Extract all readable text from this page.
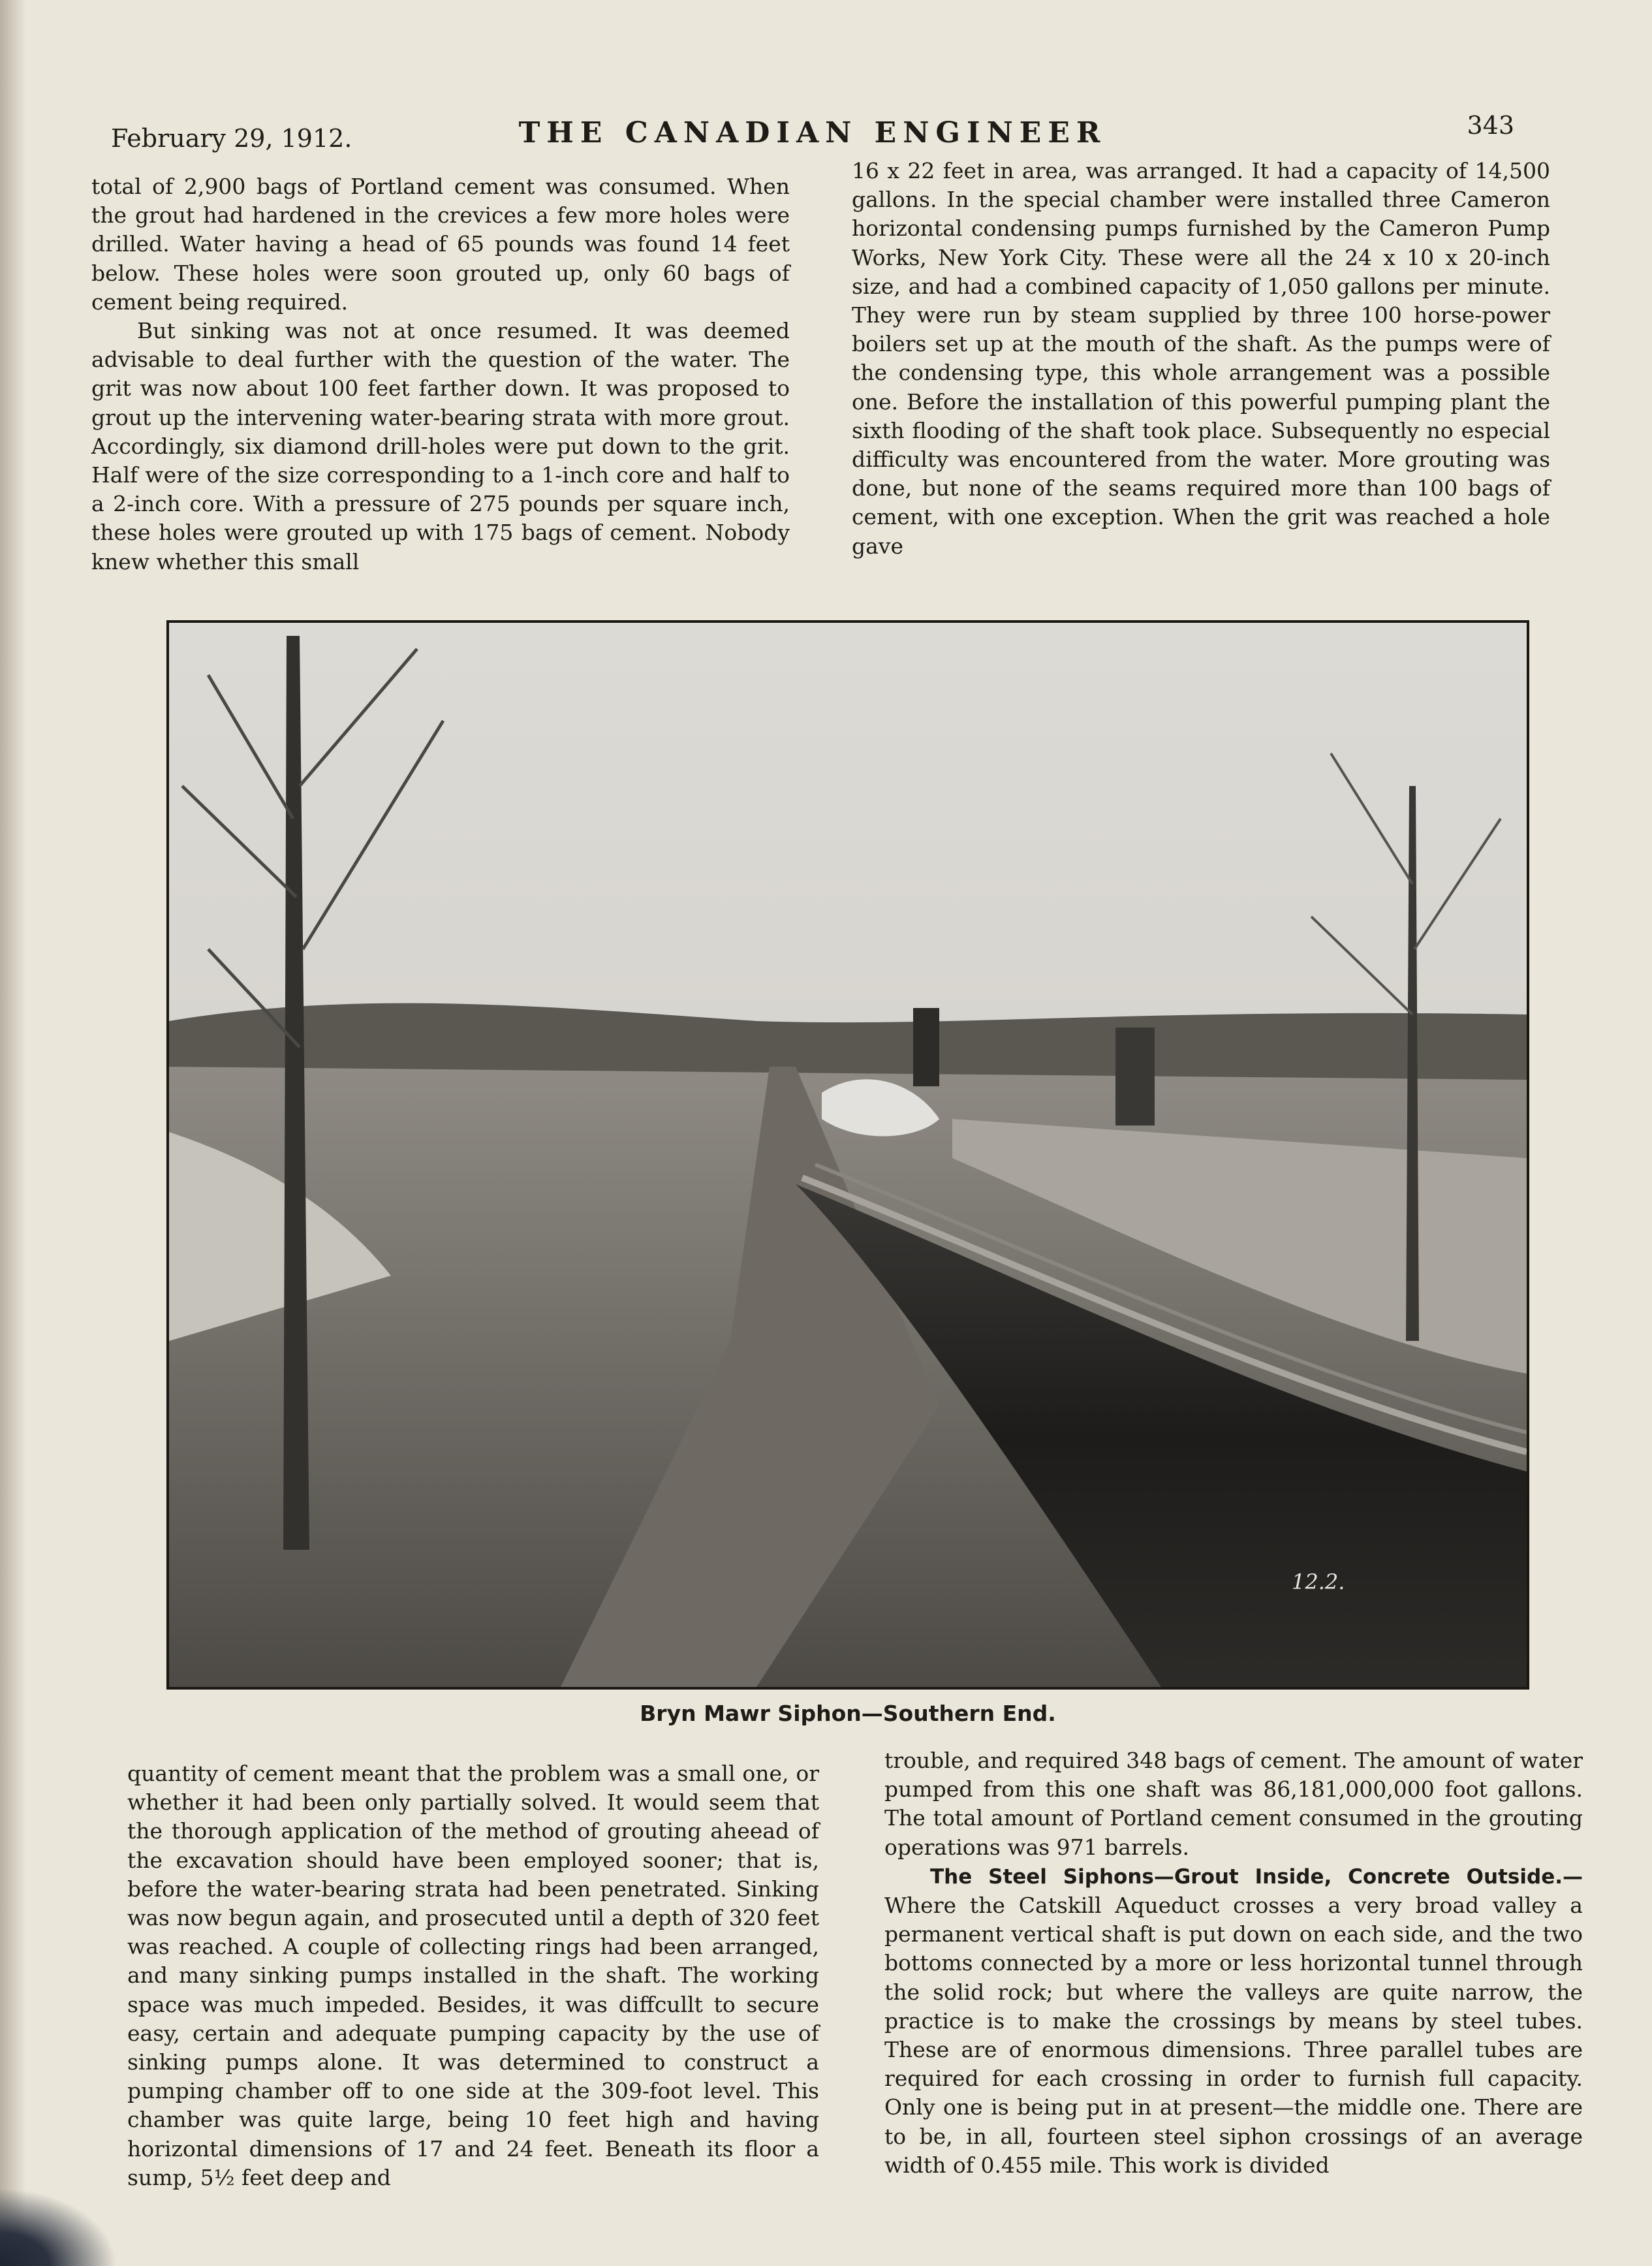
February 29, 1912.	THE CANADIAN ENGINEER	343

total of 2,900 bags of Portland cement was consumed. When the grout had hardened in the crevices a few more holes were drilled. Water having a head of 65 pounds was found 14 feet below. These holes were soon grouted up, only 60 bags of cement being required.

But sinking was not at once resumed. It was deemed advisable to deal further with the question of the water. The grit was now about 100 feet farther down. It was proposed to grout up the intervening water-bearing strata with more grout. Accordingly, six diamond drill-holes were put down to the grit. Half were of the size corresponding to a 1-inch core and half to a 2-inch core. With a pressure of 275 pounds per square inch, these holes were grouted up with 175 bags of cement. Nobody knew whether this small

16 x 22 feet in area, was arranged. It had a capacity of 14,500 gallons. In the special chamber were installed three Cameron horizontal condensing pumps furnished by the Cameron Pump Works, New York City. These were all the 24 x 10 x 20-inch size, and had a combined capacity of 1,050 gallons per minute. They were run by steam supplied by three 100 horse-power boilers set up at the mouth of the shaft. As the pumps were of the condensing type, this whole arrangement was a possible one. Before the installation of this powerful pumping plant the sixth flooding of the shaft took place. Subsequently no especial difficulty was encountered from the water. More grouting was done, but none of the seams required more than 100 bags of cement, with one exception. When the grit was reached a hole gave

12.2.
Bryn Mawr Siphon—Southern End.

quantity of cement meant that the problem was a small one, or whether it had been only partially solved. It would seem that the thorough application of the method of grouting aheead of the excavation should have been employed sooner; that is, before the water-bearing strata had been penetrated. Sinking was now begun again, and prosecuted until a depth of 320 feet was reached. A couple of collecting rings had been arranged, and many sinking pumps installed in the shaft. The working space was much impeded. Besides, it was diffcullt to secure easy, certain and adequate pumping capacity by the use of sinking pumps alone. It was determined to construct a pumping chamber off to one side at the 309-foot level. This chamber was quite large, being 10 feet high and having horizontal dimensions of 17 and 24 feet. Beneath its floor a sump, 5½ feet deep and

trouble, and required 348 bags of cement. The amount of water pumped from this one shaft was 86,181,000,000 foot gallons. The total amount of Portland cement consumed in the grouting operations was 971 barrels.

The Steel Siphons—Grout Inside, Concrete Outside.— Where the Catskill Aqueduct crosses a very broad valley a permanent vertical shaft is put down on each side, and the two bottoms connected by a more or less horizontal tunnel through the solid rock; but where the valleys are quite narrow, the practice is to make the crossings by means by steel tubes. These are of enormous dimensions. Three parallel tubes are required for each crossing in order to furnish full capacity. Only one is being put in at present—the middle one. There are to be, in all, fourteen steel siphon crossings of an average width of 0.455 mile. This work is divided
